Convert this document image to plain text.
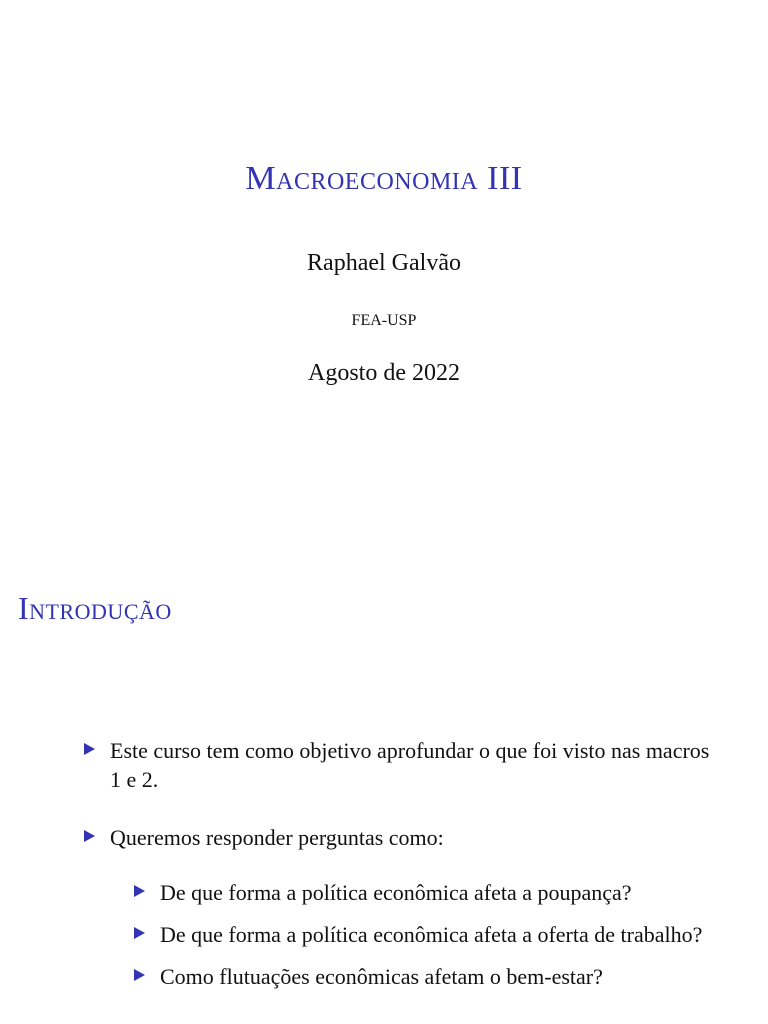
Macroeconomia III
Raphael Galvão
FEA-USP
Agosto de 2022
Introdução
Este curso tem como objetivo aprofundar o que foi visto nas macros 1 e 2.
Queremos responder perguntas como:
De que forma a política econômica afeta a poupança?
De que forma a política econômica afeta a oferta de trabalho?
Como flutuações econômicas afetam o bem-estar?
